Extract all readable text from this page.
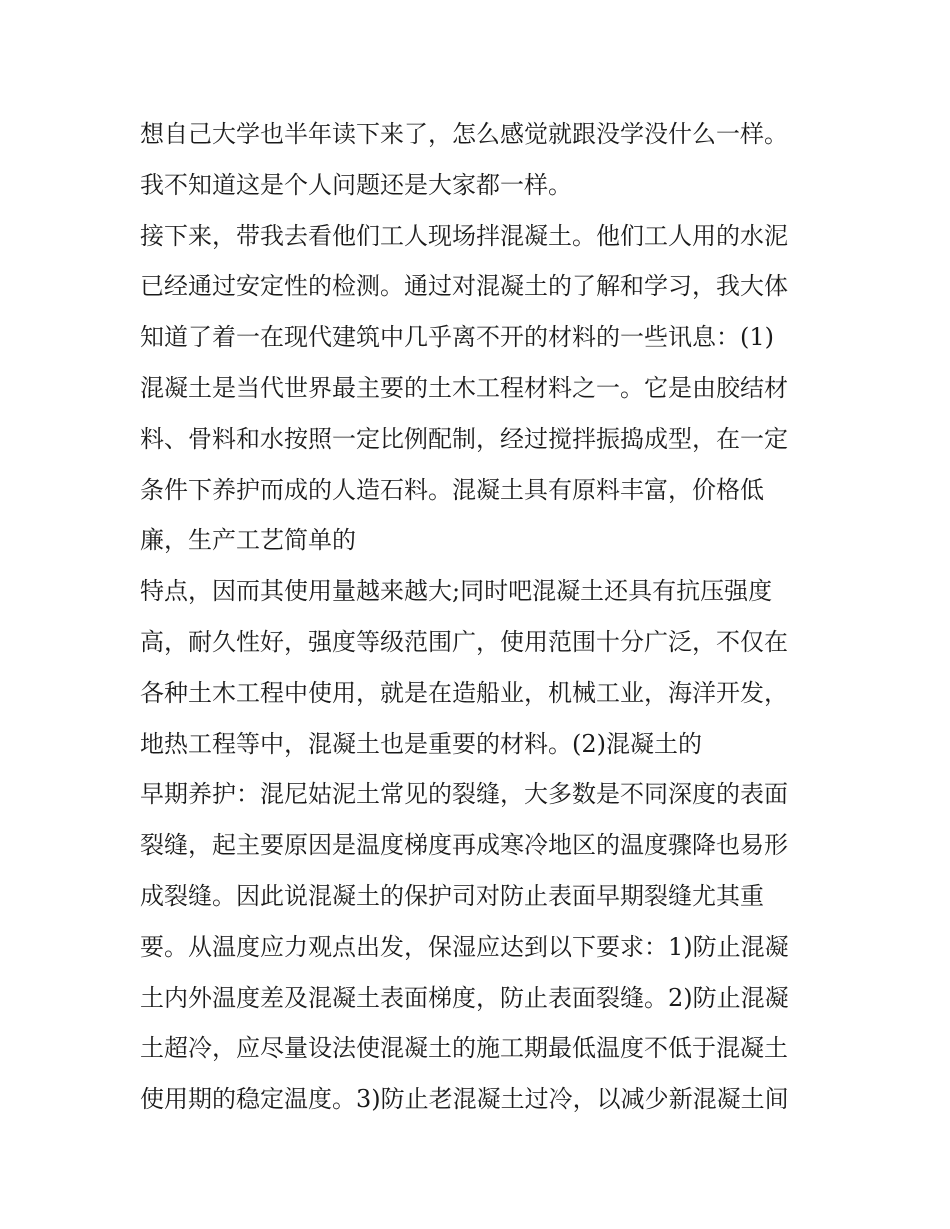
想自己大学也半年读下来了，怎么感觉就跟没学没什么一样。
我不知道这是个人问题还是大家都一样。
接下来，带我去看他们工人现场拌混凝土。他们工人用的水泥
已经通过安定性的检测。通过对混凝土的了解和学习，我大体
知道了着一在现代建筑中几乎离不开的材料的一些讯息：(1)
混凝土是当代世界最主要的土木工程材料之一。它是由胶结材
料、骨料和水按照一定比例配制，经过搅拌振捣成型，在一定
条件下养护而成的人造石料。混凝土具有原料丰富，价格低
廉，生产工艺简单的
特点，因而其使用量越来越大;同时吧混凝土还具有抗压强度
高，耐久性好，强度等级范围广，使用范围十分广泛，不仅在
各种土木工程中使用，就是在造船业，机械工业，海洋开发，
地热工程等中，混凝土也是重要的材料。(2)混凝土的
早期养护：混尼姑泥土常见的裂缝，大多数是不同深度的表面
裂缝，起主要原因是温度梯度再成寒冷地区的温度骤降也易形
成裂缝。因此说混凝土的保护司对防止表面早期裂缝尤其重
要。从温度应力观点出发，保湿应达到以下要求：1)防止混凝
土内外温度差及混凝土表面梯度，防止表面裂缝。2)防止混凝
土超冷，应尽量设法使混凝土的施工期最低温度不低于混凝土
使用期的稳定温度。3)防止老混凝土过冷，以减少新混凝土间
